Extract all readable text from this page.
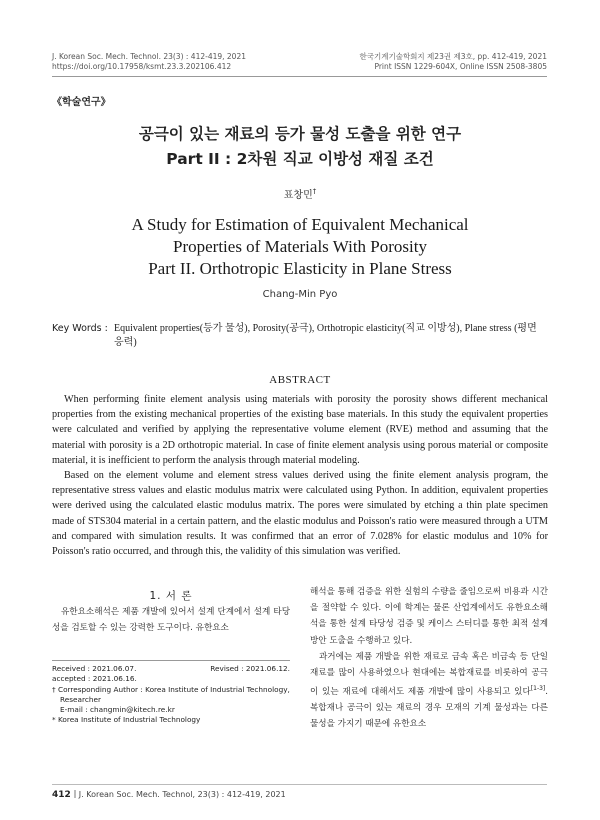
J. Korean Soc. Mech. Technol. 23(3) : 412-419, 2021
https://doi.org/10.17958/ksmt.23.3.202106.412
한국기계기술학회지 제23권 제3호, pp. 412-419, 2021
Print ISSN 1229-604X, Online ISSN 2508-3805
《학술연구》
공극이 있는 재료의 등가 물성 도출을 위한 연구
Part II : 2차원 직교 이방성 재질 조건
표창민†
A Study for Estimation of Equivalent Mechanical
Properties of Materials With Porosity
Part II. Orthotropic Elasticity in Plane Stress
Chang-Min Pyo
Key Words : Equivalent properties(등가 물성), Porosity(공극), Orthotropic elasticity(직교 이방성), Plane stress (평면 응력)
ABSTRACT

When performing finite element analysis using materials with porosity the porosity shows different mechanical properties from the existing mechanical properties of the existing base materials. In this study the equivalent properties were calculated and verified by applying the representative volume element (RVE) method and assuming that the material with porosity is a 2D orthotropic material. In case of finite element analysis using porous material or composite material, it is inefficient to perform the analysis through material modeling.

Based on the element volume and element stress values derived using the finite element analysis program, the representative stress values and elastic modulus matrix were calculated using Python. In addition, equivalent properties were derived using the calculated elastic modulus matrix. The pores were simulated by etching a thin plate specimen made of STS304 material in a certain pattern, and the elastic modulus and Poisson's ratio were measured through a UTM and compared with simulation results. It was confirmed that an error of 7.028% for elastic modulus and 10% for Poisson's ratio occurred, and through this, the validity of this simulation was verified.

1. 서 론

유한요소해석은 제품 개발에 있어서 설계 단계에서 설계 타당성을 검토할 수 있는 강력한 도구이다. 유한요소

Received : 2021.06.07.	Revised : 2021.06.12.
accepted : 2021.06.16.
† Corresponding Author : Korea Institute of Industrial Technology,
Researcher
E-mail : changmin@kitech.re.kr
* Korea Institute of Industrial Technology

해석을 통해 검증을 위한 실험의 수량을 줄임으로써 비용과 시간을 절약할 수 있다. 이에 학계는 물론 산업계에서도 유한요소해석을 통한 설계 타당성 검증 및 케이스 스터디를 통한 최적 설계방안 도출을 수행하고 있다.

과거에는 제품 개발을 위한 재료로 금속 혹은 비금속 등 단일 재료를 많이 사용하였으나 현대에는 복합재료를 비롯하여 공극이 있는 재료에 대해서도 제품 개발에 많이 사용되고 있다[1-3]. 복합재나 공극이 있는 재료의 경우 모재의 기계 물성과는 다른 물성을 가지기 때문에 유한요소

412 J. Korean Soc. Mech. Technol, 23(3) : 412-419, 2021
